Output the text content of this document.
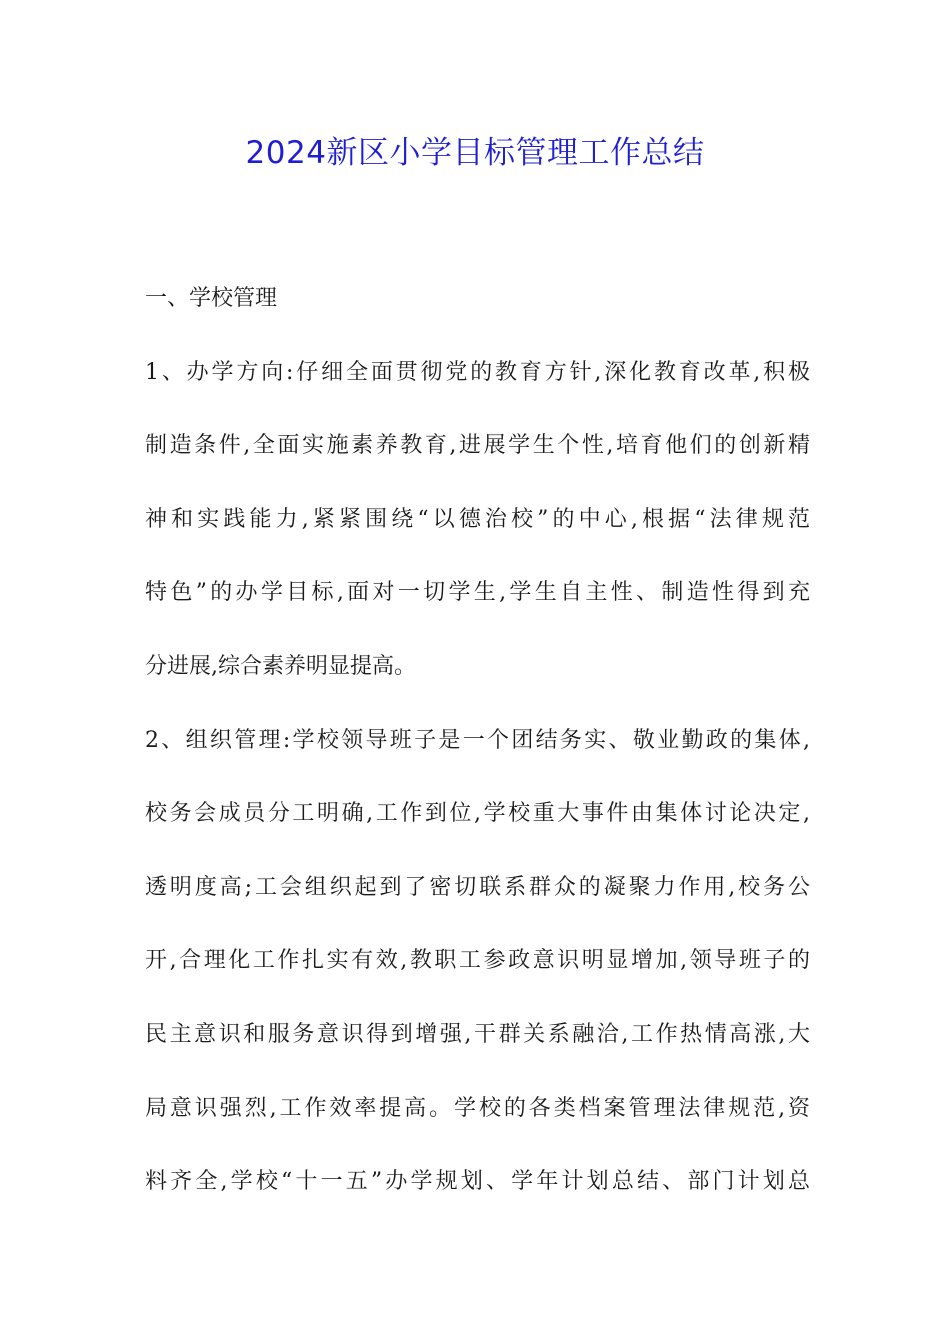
2024新区小学目标管理工作总结
一、学校管理
1、办学方向:仔细全面贯彻党的教育方针,深化教育改革,积极
制造条件,全面实施素养教育,进展学生个性,培育他们的创新精
神和实践能力,紧紧围绕“以德治校”的中心,根据“法律规范
特色”的办学目标,面对一切学生,学生自主性、制造性得到充
分进展,综合素养明显提高。
2、组织管理:学校领导班子是一个团结务实、敬业勤政的集体,
校务会成员分工明确,工作到位,学校重大事件由集体讨论决定,
透明度高;工会组织起到了密切联系群众的凝聚力作用,校务公
开,合理化工作扎实有效,教职工参政意识明显增加,领导班子的
民主意识和服务意识得到增强,干群关系融洽,工作热情高涨,大
局意识强烈,工作效率提高。学校的各类档案管理法律规范,资
料齐全,学校“十一五”办学规划、学年计划总结、部门计划总
